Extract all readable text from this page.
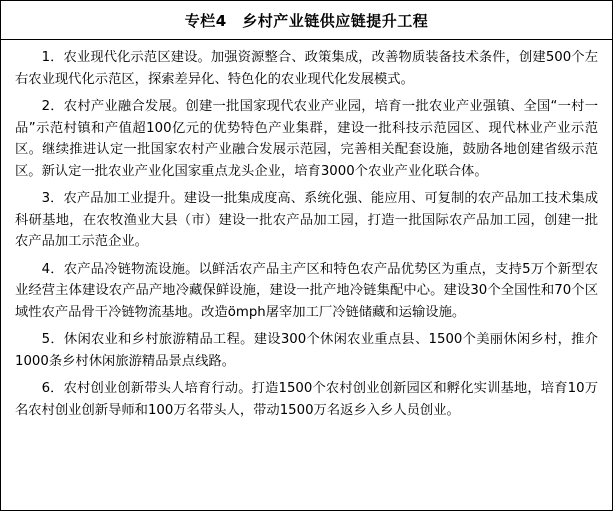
专栏4　乡村产业链供应链提升工程

1．农业现代化示范区建设。加强资源整合、政策集成，改善物质装备技术条件，创建500个左右农业现代化示范区，探索差异化、特色化的农业现代化发展模式。

2．农村产业融合发展。创建一批国家现代农业产业园，培育一批农业产业强镇、全国“一村一品”示范村镇和产值超100亿元的优势特色产业集群，建设一批科技示范园区、现代林业产业示范区。继续推进认定一批国家农村产业融合发展示范园，完善相关配套设施，鼓励各地创建省级示范区。新认定一批农业产业化国家重点龙头企业，培育3000个农业产业化联合体。

3．农产品加工业提升。建设一批集成度高、系统化强、能应用、可复制的农产品加工技术集成科研基地，在农牧渔业大县（市）建设一批农产品加工园，打造一批国际农产品加工园，创建一批农产品加工示范企业。

4．农产品冷链物流设施。以鲜活农产品主产区和特色农产品优势区为重点，支持5万个新型农业经营主体建设农产品产地冷藏保鲜设施，建设一批产地冷链集配中心。建设30个全国性和70个区域性农产品骨干冷链物流基地。改造ömph屠宰加工厂冷链储藏和运输设施。

5．休闲农业和乡村旅游精品工程。建设300个休闲农业重点县、1500个美丽休闲乡村，推介1000条乡村休闲旅游精品景点线路。

6．农村创业创新带头人培育行动。打造1500个农村创业创新园区和孵化实训基地，培育10万名农村创业创新导师和100万名带头人，带动1500万名返乡入乡人员创业。
